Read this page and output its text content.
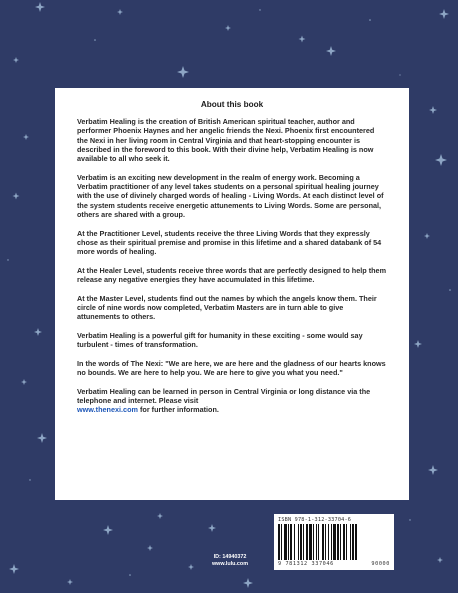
About this book

Verbatim Healing is the creation of British American spiritual teacher, author and performer Phoenix Haynes and her angelic friends the Nexi. Phoenix first encountered the Nexi in her living room in Central Virginia and that heart-stopping encounter is described in the foreword to this book. With their divine help, Verbatim Healing is now available to all who seek it.

Verbatim is an exciting new development in the realm of energy work. Becoming a Verbatim practitioner of any level takes students on a personal spiritual healing journey with the use of divinely charged words of healing - Living Words. At each distinct level of the system students receive energetic attunements to Living Words. Some are personal, others are shared with a group.

At the Practitioner Level, students receive the three Living Words that they expressly chose as their spiritual premise and promise in this lifetime and a shared databank of 54 more words of healing.

At the Healer Level, students receive three words that are perfectly designed to help them release any negative energies they have accumulated in this lifetime.

At the Master Level, students find out the names by which the angels know them. Their circle of nine words now completed, Verbatim Masters are in turn able to give attunements to others.

Verbatim Healing is a powerful gift for humanity in these exciting - some would say turbulent - times of transformation.

In the words of The Nexi: "We are here, we are here and the gladness of our hearts knows no bounds. We are here to help you. We are here to give you what you need."

Verbatim Healing can be learned in person in Central Virginia or long distance via the telephone and internet. Please visit
www.thenexi.com for further information.

ID: 14940372
www.lulu.com
ISBN 978-1-312-33704-6
9 781312 337046	90000
